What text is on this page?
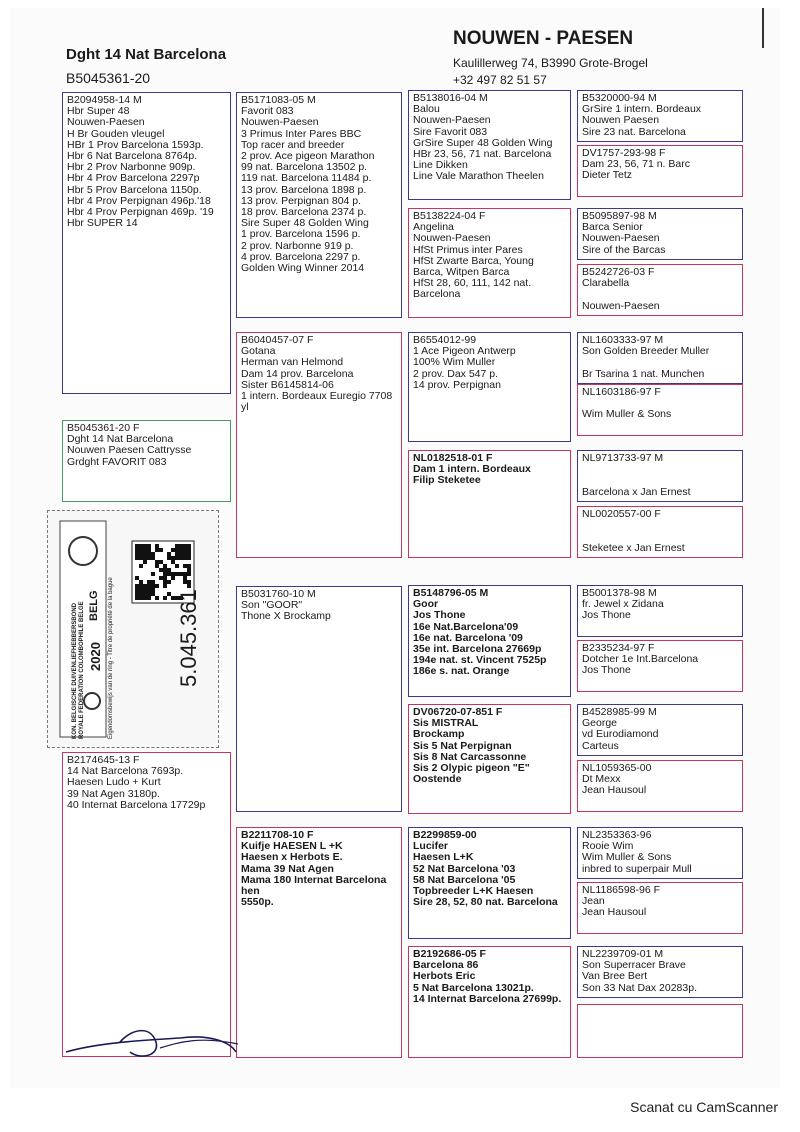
Dght 14 Nat Barcelona
B5045361-20
NOUWEN - PAESEN
Kaulillerweg 74, B3990 Grote-Brogel
+32 497 82 51 57
B2094958-14 M
Hbr Super 48
Nouwen-Paesen
H Br Gouden vleugel
HBr 1 Prov Barcelona 1593p.
Hbr 6 Nat Barcelona 8764p.
Hbr 2 Prov Narbonne 909p.
Hbr 4 Prov Barcelona 2297p
Hbr 5 Prov Barcelona 1150p.
Hbr 4 Prov Perpignan 496p.'18
Hbr 4 Prov Perpignan 469p. '19
Hbr SUPER 14
B5045361-20 F
Dght 14 Nat Barcelona
Nouwen Paesen Cattrysse
Grdght FAVORIT 083
B2174645-13 F
14 Nat Barcelona 7693p.
Haesen Ludo + Kurt
39 Nat Agen 3180p.
40 Internat Barcelona 17729p
B5171083-05 M
Favorit 083
Nouwen-Paesen
3 Primus Inter Pares BBC
Top racer and breeder
2 prov. Ace pigeon Marathon
99 nat. Barcelona 13502 p.
119 nat. Barcelona 11484 p.
13 prov. Barcelona 1898 p.
13 prov. Perpignan 804 p.
18 prov. Barcelona 2374 p.
Sire Super 48 Golden Wing
1 prov. Barcelona 1596 p.
2 prov. Narbonne 919 p.
4 prov. Barcelona 2297 p.
Golden Wing Winner 2014
B6040457-07 F
Gotana
Herman van Helmond
Dam 14 prov. Barcelona
Sister B6145814-06
1 intern. Bordeaux Euregio 7708 yl
B5031760-10 M
Son "GOOR"
Thone X Brockamp
B2211708-10 F
Kuifje HAESEN L +K
Haesen x Herbots E.
Mama 39 Nat Agen
Mama 180 Internat Barcelona hen
5550p.
B5138016-04 M
Balou
Nouwen-Paesen
Sire Favorit 083
GrSire Super 48 Golden Wing
HBr 23, 56, 71 nat. Barcelona
Line Dikken
Line Vale Marathon Theelen
B5138224-04 F
Angelina
Nouwen-Paesen
HfSt Primus inter Pares
HfSt Zwarte Barca, Young Barca, Witpen Barca
HfSt 28, 60, 111, 142 nat. Barcelona
B6554012-99
1 Ace Pigeon Antwerp
100% Wim Muller
2 prov. Dax 547 p.
14 prov. Perpignan
NL0182518-01 F
Dam 1 intern. Bordeaux
Filip Steketee
B5148796-05 M
Goor
Jos Thone
16e Nat.Barcelona'09
16e nat. Barcelona '09
35e int. Barcelona 27669p
194e nat. st. Vincent 7525p
186e s. nat. Orange
DV06720-07-851 F
Sis MISTRAL
Brockamp
Sis 5 Nat Perpignan
Sis 8 Nat Carcassonne
Sis 2 Olypic pigeon "E"
Oostende
B2299859-00
Lucifer
Haesen L+K
52 Nat Barcelona '03
58 Nat Barcelona '05
Topbreeder L+K Haesen
Sire 28, 52, 80 nat. Barcelona
B2192686-05 F
Barcelona 86
Herbots Eric
5 Nat Barcelona 13021p.
14 Internat Barcelona 27699p.
B5320000-94 M
GrSire 1 intern. Bordeaux
Nouwen Paesen
Sire 23 nat. Barcelona
DV1757-293-98 F
Dam 23, 56, 71 n. Barc
Dieter Tetz
B5095897-98 M
Barca Senior
Nouwen-Paesen
Sire of the Barcas
B5242726-03 F
Clarabella

Nouwen-Paesen
NL1603333-97 M
Son Golden Breeder Muller

Br Tsarina 1 nat. Munchen
NL1603186-97 F

Wim Muller & Sons
NL9713733-97 M

Barcelona x Jan Ernest
NL0020557-00 F

Steketee x Jan Ernest
B5001378-98 M
fr. Jewel x Zidana
Jos Thone
B2335234-97 F
Dotcher 1e Int.Barcelona
Jos Thone
B4528985-99 M
George
vd Eurodiamond
Carteus
NL1059365-00
Dt Mexx
Jean Hausoul
NL2353363-96
Rooie Wim
Wim Muller & Sons
inbred to superpair Mull
NL1186598-96 F
Jean
Jean Hausoul
NL2239709-01 M
Son Superracer Brave
Van Bree Bert
Son 33 Nat Dax 20283p.
KON. BELGISCHE DUIVENLIEFHEBBERSBOND ROYALE FEDERATION COLOMBOPHILE BELGE 2020
BELG Eigendomsbewijs van de ring - Titre de propriété de la bague	5.045.361
Scanat cu CamScanner
